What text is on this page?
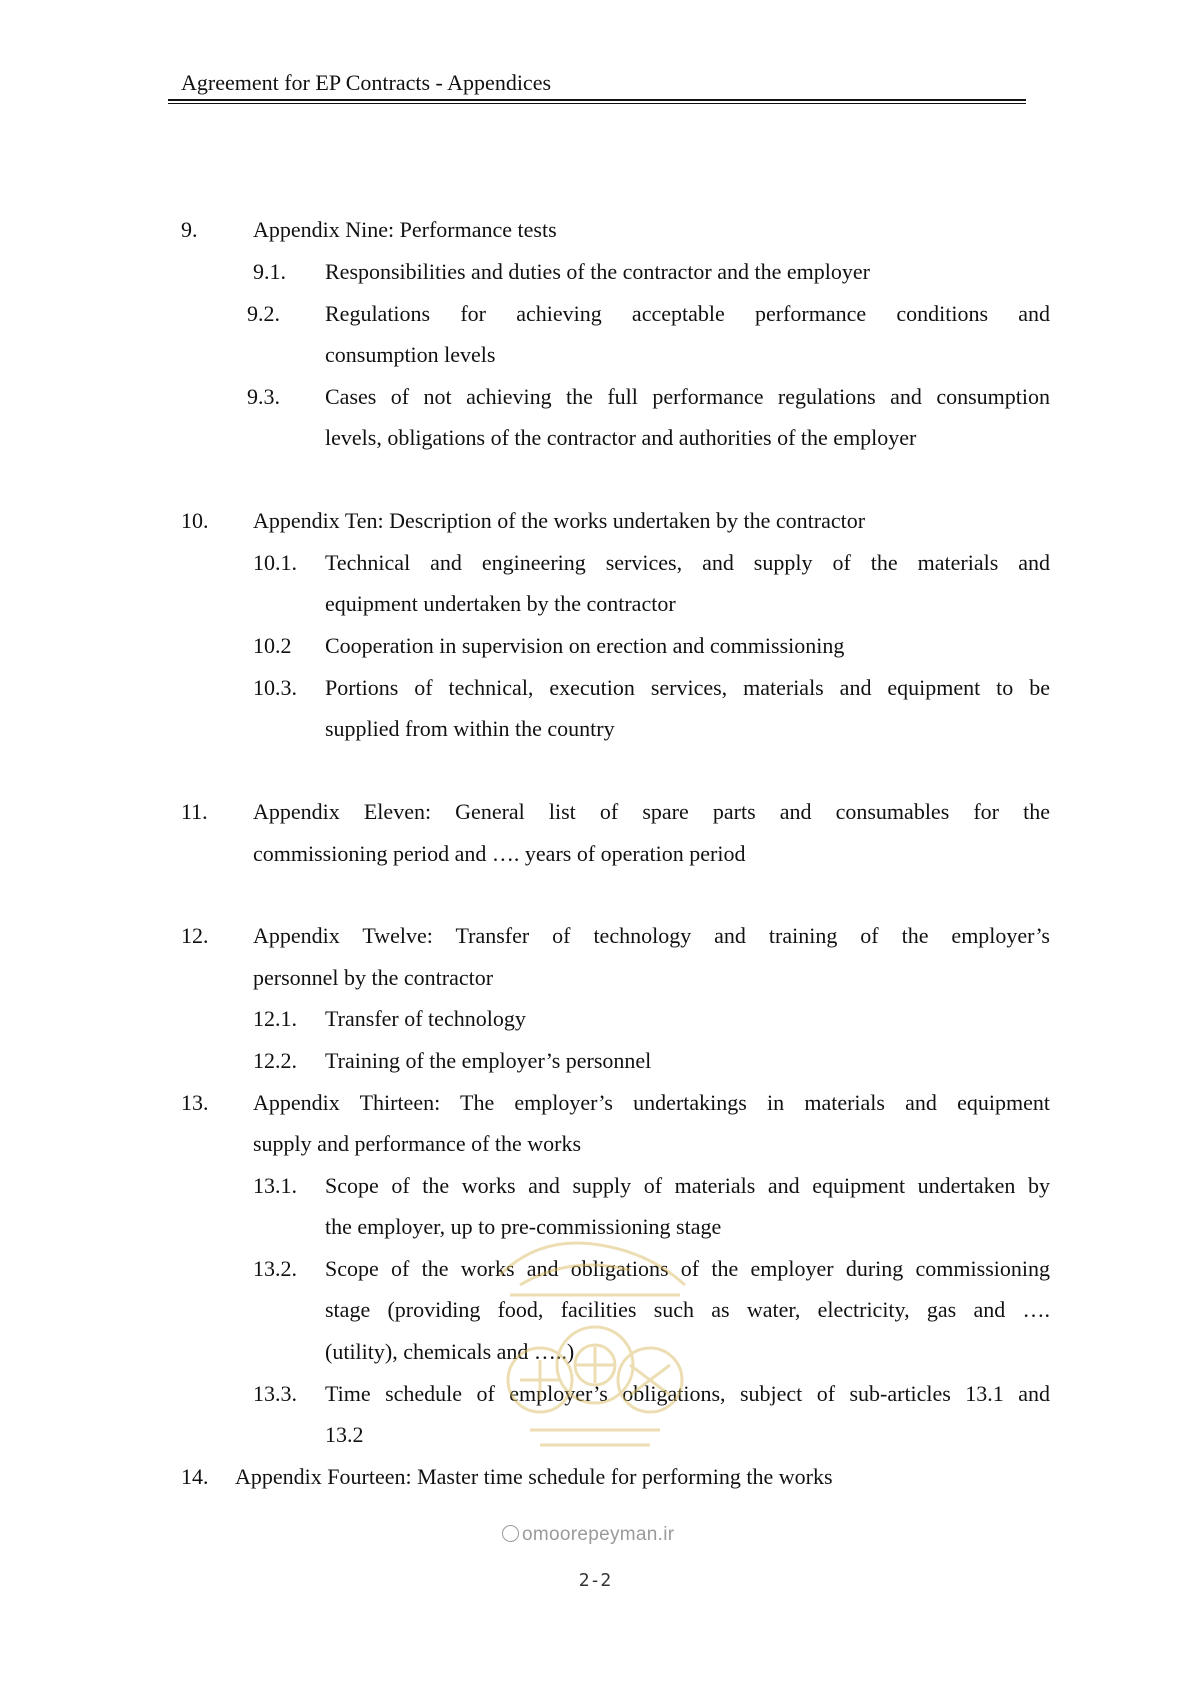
Agreement for EP Contracts - Appendices
9.	Appendix Nine: Performance tests
9.1. Responsibilities and duties of the contractor and the employer
9.2. Regulations for achieving acceptable performance conditions and
consumption levels
9.3. Cases of not achieving the full performance regulations and consumption
levels, obligations of the contractor and authorities of the employer
10. Appendix Ten: Description of the works undertaken by the contractor
10.1. Technical and engineering services, and supply of the materials and
equipment undertaken by the contractor
10.2 Cooperation in supervision on erection and commissioning
10.3. Portions of technical, execution services, materials and equipment to be
supplied from within the country
11. Appendix Eleven: General list of spare parts and consumables for the
commissioning period and …. years of operation period
12. Appendix Twelve: Transfer of technology and training of the employer’s
personnel by the contractor
12.1. Transfer of technology
12.2. Training of the employer’s personnel
13. Appendix Thirteen: The employer’s undertakings in materials and equipment
supply and performance of the works
13.1. Scope of the works and supply of materials and equipment undertaken by
the employer, up to pre-commissioning stage
13.2. Scope of the works and obligations of the employer during commissioning
stage (providing food, facilities such as water, electricity, gas and ….
(utility), chemicals and …..)
13.3. Time schedule of employer’s obligations, subject of sub-articles 13.1 and
13.2
14. Appendix Fourteen: Master time schedule for performing the works
omoorepeyman.ir
2-2
